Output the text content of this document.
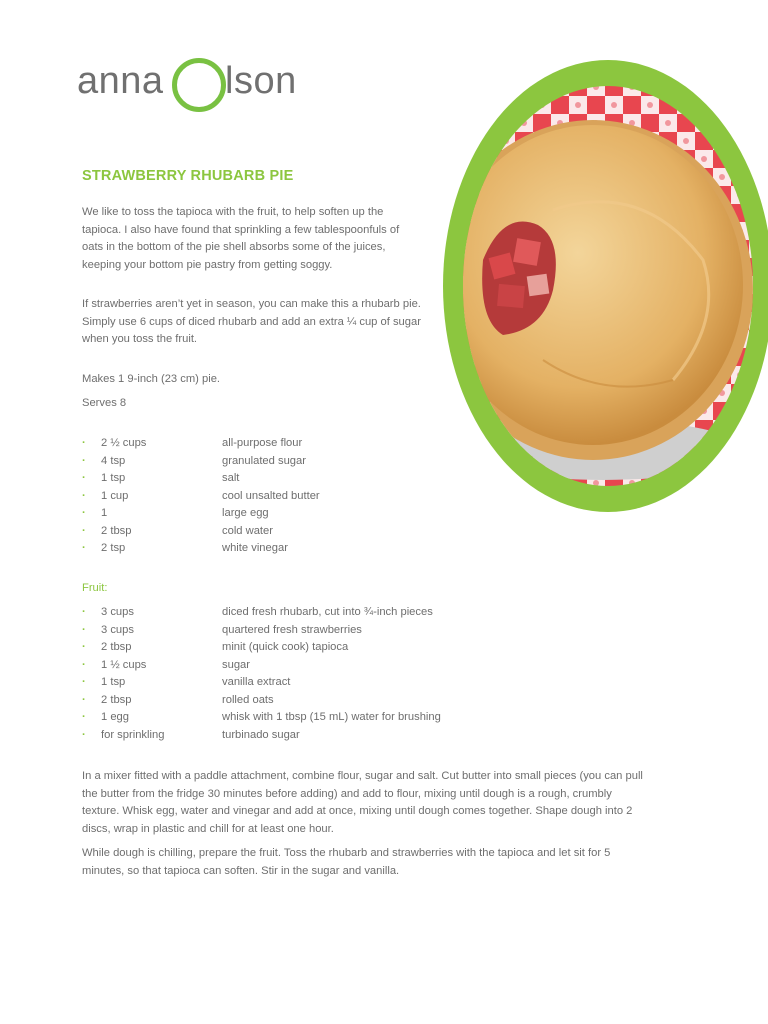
anna lson
STRAWBERRY RHUBARB PIE
We like to toss the tapioca with the fruit, to help soften up the tapioca. I also have found that sprinkling a few tablespoonfuls of oats in the bottom of the pie shell absorbs some of the juices, keeping your bottom pie pastry from getting soggy.
If strawberries aren’t yet in season, you can make this a rhubarb pie. Simply use 6 cups of diced rhubarb and add an extra ¼ cup of sugar when you toss the fruit.
Makes 1 9-inch (23 cm) pie.
Serves 8
· 2 ½ cups	all-purpose flour
· 4 tsp	granulated sugar
· 1 tsp	salt
· 1 cup	cool unsalted butter
· 1	large egg
· 2 tbsp	cold water
· 2 tsp	white vinegar
Fruit:
· 3 cups	diced fresh rhubarb, cut into ¾-inch pieces
· 3 cups	quartered fresh strawberries
· 2 tbsp	minit (quick cook) tapioca
· 1 ½ cups	sugar
· 1 tsp	vanilla extract
· 2 tbsp	rolled oats
· 1 egg	whisk with 1 tbsp (15 mL) water for brushing
· for sprinkling	turbinado sugar
In a mixer fitted with a paddle attachment, combine flour, sugar and salt. Cut butter into small pieces (you can pull the butter from the fridge 30 minutes before adding) and add to flour, mixing until dough is a rough, crumbly texture. Whisk egg, water and vinegar and add at once, mixing until dough comes together. Shape dough into 2 discs, wrap in plastic and chill for at least one hour.
While dough is chilling, prepare the fruit. Toss the rhubarb and strawberries with the tapioca and let sit for 5 minutes, so that tapioca can soften. Stir in the sugar and vanilla.
